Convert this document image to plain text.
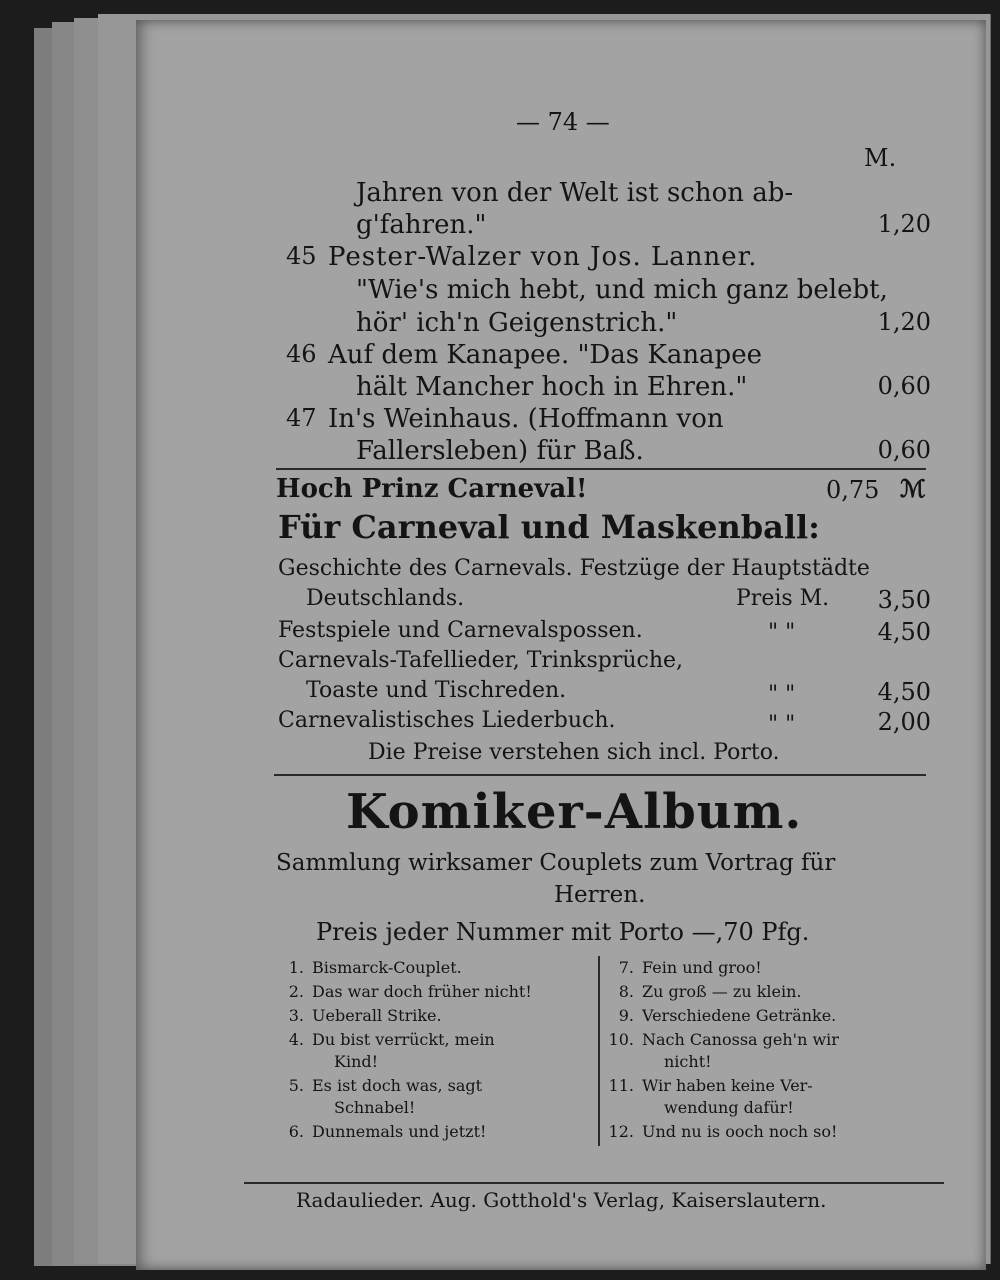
— 74 —
M.
Jahren von der Welt ist schon ab-
g'fahren."	1,20
45 Pester-Walzer von Jos. Lanner.
"Wie's mich hebt, und mich ganz belebt,
hör' ich'n Geigenstrich."	1,20
46 Auf dem Kanapee. "Das Kanapee
hält Mancher hoch in Ehren."	0,60
47 In's Weinhaus. (Hoffmann von
Fallersleben) für Baß.	0,60
Hoch Prinz Carneval!	0,75 ℳ
Für Carneval und Maskenball:
Geschichte des Carnevals. Festzüge der Hauptstädte
Deutschlands.	Preis M.	3,50
Festspiele und Carnevalspossen.	" "	4,50
Carnevals-Tafellieder, Trinksprüche,
Toaste und Tischreden.	" "	4,50
Carnevalistisches Liederbuch.	" "	2,00
Die Preise verstehen sich incl. Porto.
Komiker-Album.
Sammlung wirksamer Couplets zum Vortrag für
Herren.
Preis jeder Nummer mit Porto —,70 Pfg.
Radaulieder. Aug. Gotthold's Verlag, Kaiserslautern.
1. Bismarck-Couplet.
2. Das war doch früher nicht!
3. Ueberall Strike.
4. Du bist verrückt, mein
Kind!
5. Es ist doch was, sagt
Schnabel!
6. Dunnemals und jetzt!
7. Fein und groo!
8. Zu groß — zu klein.
9. Verschiedene Getränke.
10. Nach Canossa geh'n wir
nicht!
11. Wir haben keine Ver-
wendung dafür!
12. Und nu is ooch noch so!
